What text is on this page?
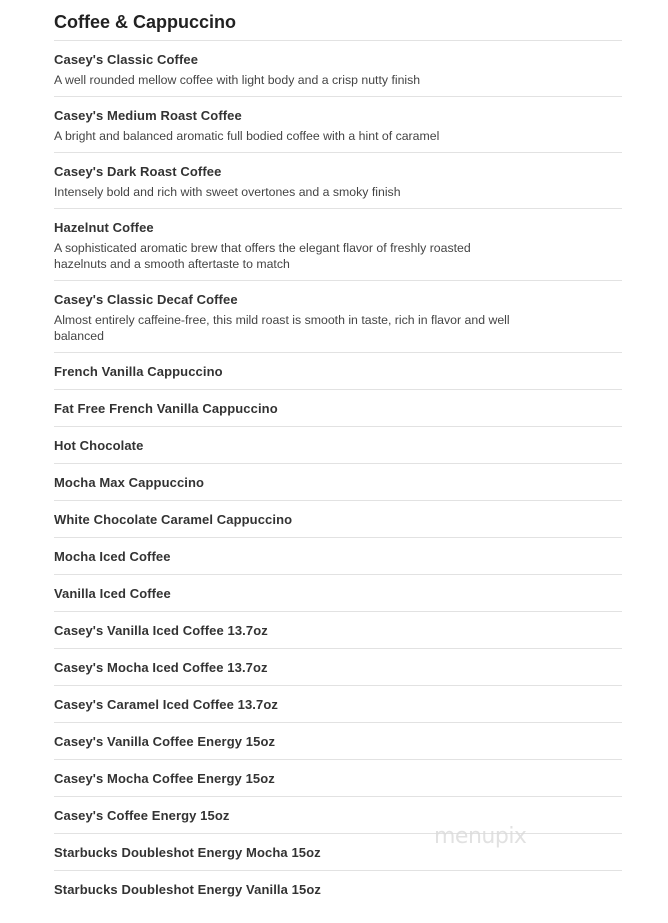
Coffee & Cappuccino
Casey's Classic Coffee
A well rounded mellow coffee with light body and a crisp nutty finish
Casey's Medium Roast Coffee
A bright and balanced aromatic full bodied coffee with a hint of caramel
Casey's Dark Roast Coffee
Intensely bold and rich with sweet overtones and a smoky finish
Hazelnut Coffee
A sophisticated aromatic brew that offers the elegant flavor of freshly roasted hazelnuts and a smooth aftertaste to match
Casey's Classic Decaf Coffee
Almost entirely caffeine-free, this mild roast is smooth in taste, rich in flavor and well balanced
French Vanilla Cappuccino
Fat Free French Vanilla Cappuccino
Hot Chocolate
Mocha Max Cappuccino
White Chocolate Caramel Cappuccino
Mocha Iced Coffee
Vanilla Iced Coffee
Casey's Vanilla Iced Coffee 13.7oz
Casey's Mocha Iced Coffee 13.7oz
Casey's Caramel Iced Coffee 13.7oz
Casey's Vanilla Coffee Energy 15oz
Casey's Mocha Coffee Energy 15oz
Casey's Coffee Energy 15oz
Starbucks Doubleshot Energy Mocha 15oz
Starbucks Doubleshot Energy Vanilla 15oz
menupix
